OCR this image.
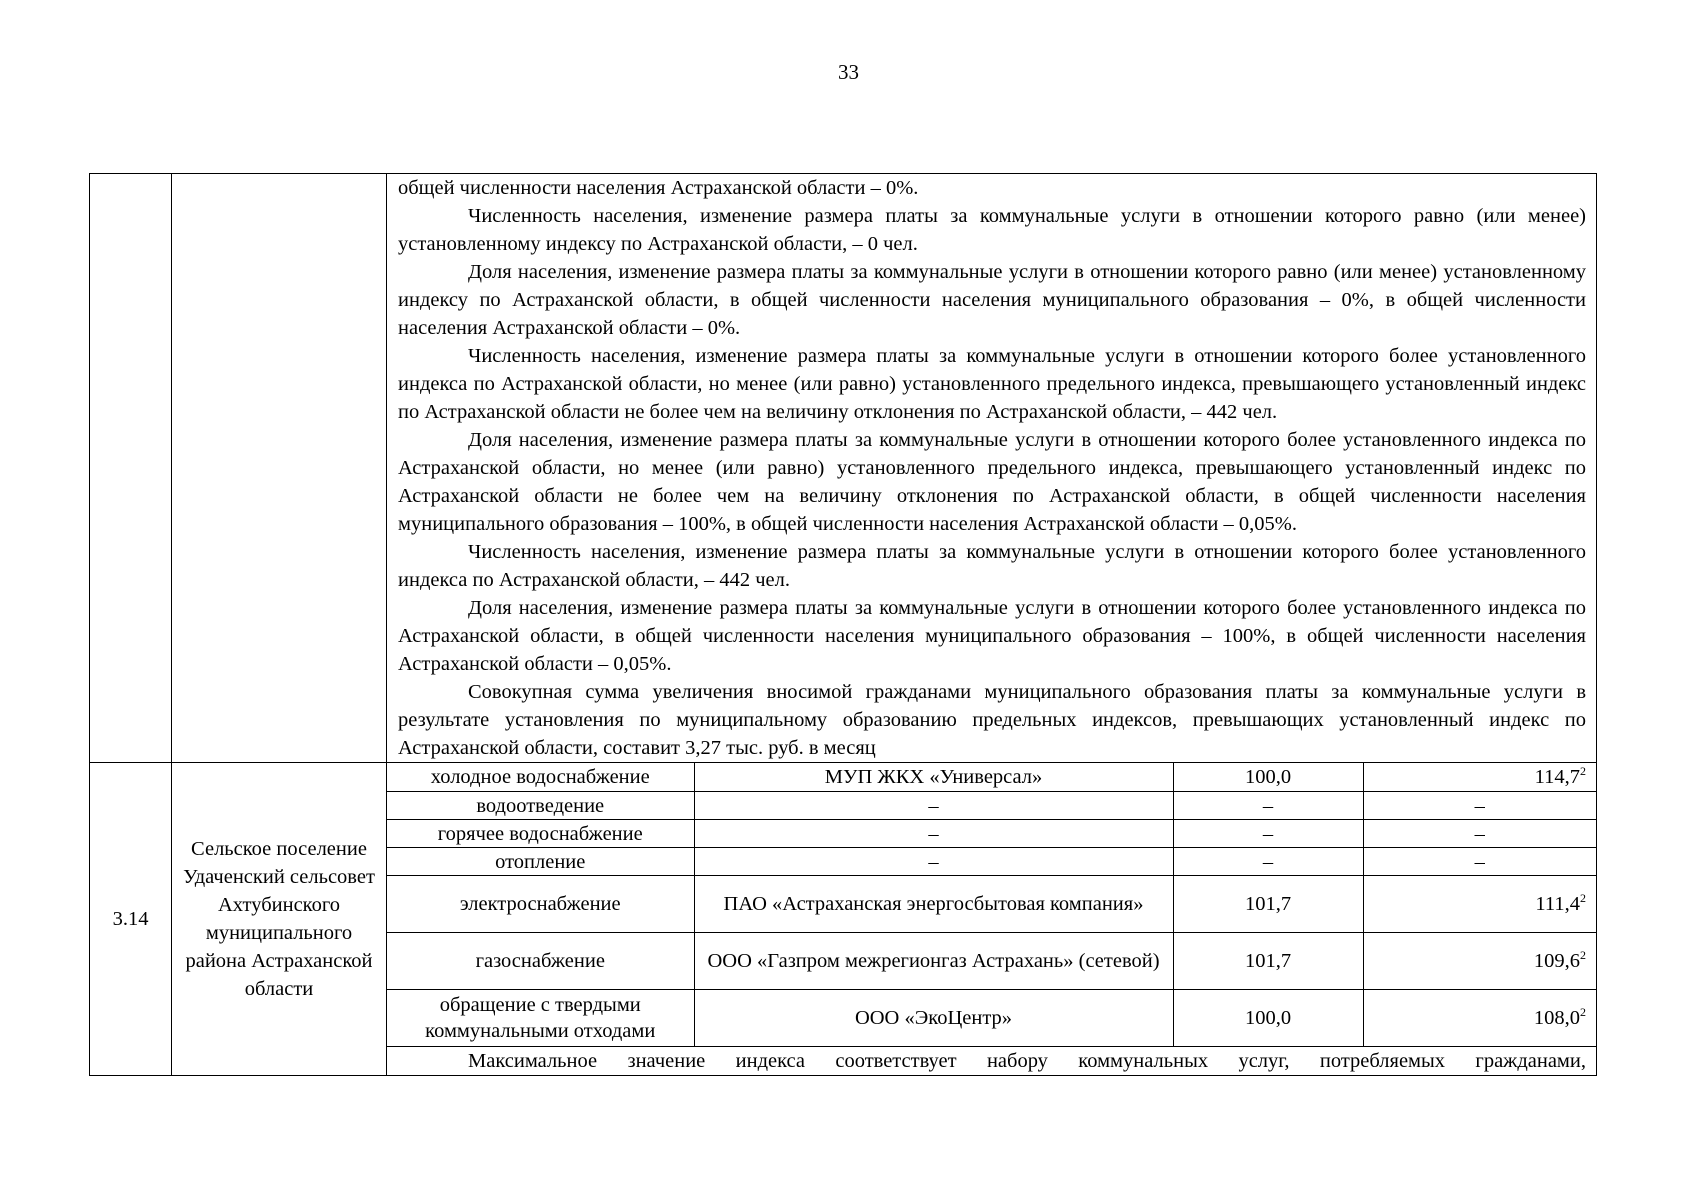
33

общей численности населения Астраханской области – 0%.

Численность населения, изменение размера платы за коммунальные услуги в отношении которого равно (или менее) установленному индексу по Астраханской области, – 0 чел.

Доля населения, изменение размера платы за коммунальные услуги в отношении которого равно (или менее) установленному индексу по Астраханской области, в общей численности населения муниципального образования – 0%, в общей численности населения Астраханской области – 0%.

Численность населения, изменение размера платы за коммунальные услуги в отношении которого более установленного индекса по Астраханской области, но менее (или равно) установленного предельного индекса, превышающего установленный индекс по Астраханской области не более чем на величину отклонения по Астраханской области, – 442 чел.

Доля населения, изменение размера платы за коммунальные услуги в отношении которого более установленного индекса по Астраханской области, но менее (или равно) установленного предельного индекса, превышающего установленный индекс по Астраханской области не более чем на величину отклонения по Астраханской области, в общей численности населения муниципального образования – 100%, в общей численности населения Астраханской области – 0,05%.

Численность населения, изменение размера платы за коммунальные услуги в отношении которого более установленного индекса по Астраханской области, – 442 чел.

Доля населения, изменение размера платы за коммунальные услуги в отношении которого более установленного индекса по Астраханской области, в общей численности населения муниципального образования – 100%, в общей численности населения Астраханской области – 0,05%.

Совокупная сумма увеличения вносимой гражданами муниципального образования платы за коммунальные услуги в результате установления по муниципальному образованию предельных индексов, превышающих установленный индекс по Астраханской области, составит 3,27 тыс. руб. в месяц

3.14	Сельское поселение Удаченский сельсовет Ахтубинского муниципального района Астраханской области	
холодное водоснабжение	МУП ЖКХ «Универсал»	100,0	114,7$^2$
водоотведение	–	–	–
горячее водоснабжение	–	–	–
отопление	–	–	–
электроснабжение	ПАО «Астраханская энергосбытовая компания»	101,7	111,4$^2$
газоснабжение	ООО «Газпром межрегионгаз Астрахань» (сетевой)	101,7	109,6$^2$
обращение с твердыми коммунальными отходами	ООО «ЭкоЦентр»	100,0	108,0$^2$
Максимальное значение индекса соответствует набору коммунальных услуг, потребляемых гражданами,
